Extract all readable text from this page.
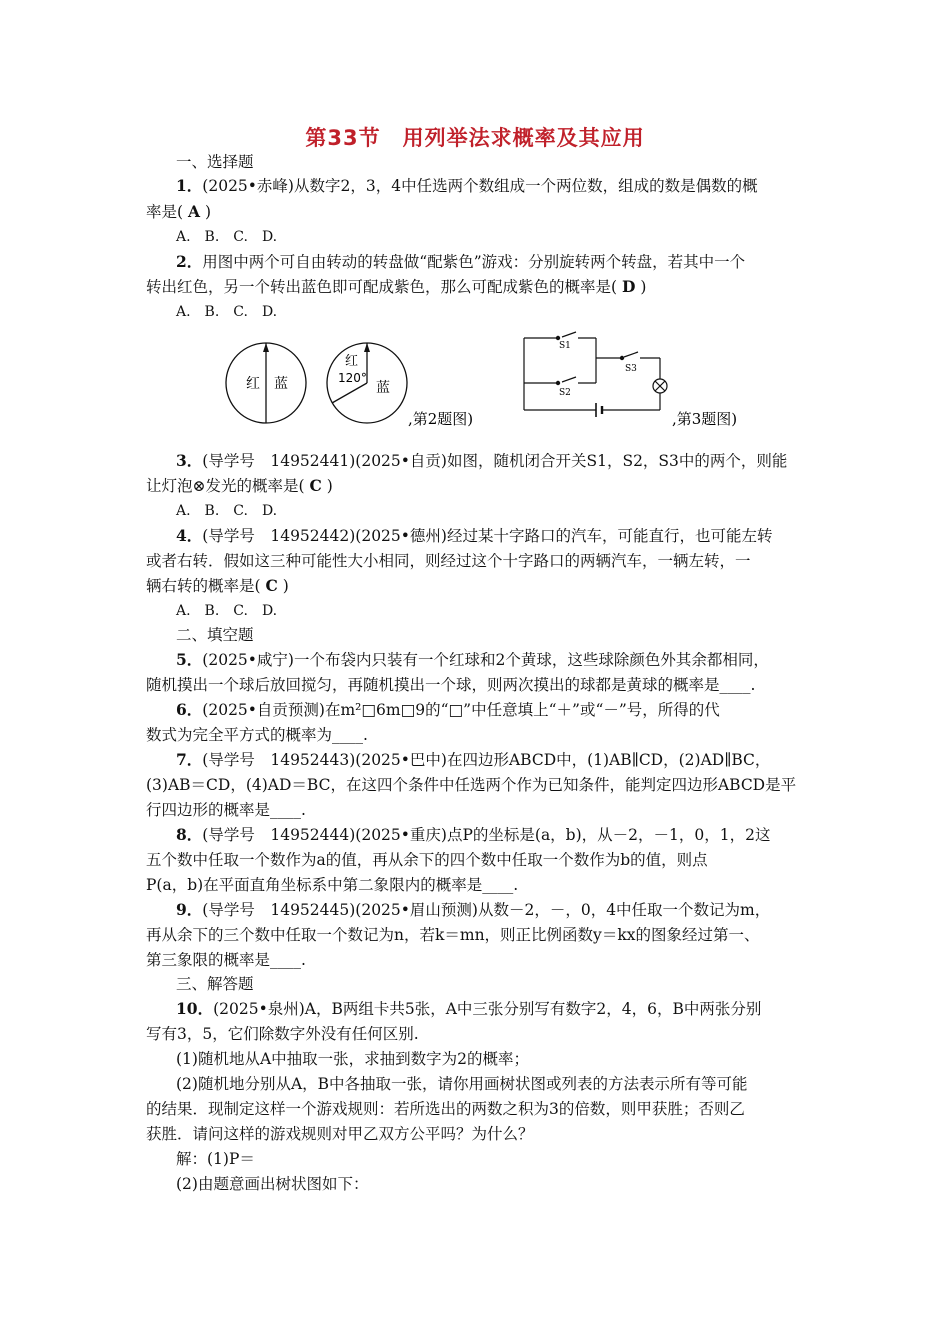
第33节　用列举法求概率及其应用
一、选择题
1．(2025•赤峰)从数字2，3，4中任选两个数组成一个两位数，组成的数是偶数的概
率是( A )
A.　B.　C.　D.
2．用图中两个可自由转动的转盘做“配紫色”游戏：分别旋转两个转盘，若其中一个
转出红色，另一个转出蓝色即可配成紫色，那么可配成紫色的概率是( D )
A.　B.　C.　D.
红 蓝
红
120°
蓝
,第2题图)
S1
S2
S3
,第3题图)
3．(导学号　14952441)(2025•自贡)如图，随机闭合开关S1，S2，S3中的两个，则能
让灯泡⊗发光的概率是( C )
A.　B.　C.　D.
4．(导学号　14952442)(2025•德州)经过某十字路口的汽车，可能直行，也可能左转
或者右转．假如这三种可能性大小相同，则经过这个十字路口的两辆汽车，一辆左转，一
辆右转的概率是( C )
A.　B.　C.　D.
二、填空题
5．(2025•咸宁)一个布袋内只装有一个红球和2个黄球，这些球除颜色外其余都相同，
随机摸出一个球后放回搅匀，再随机摸出一个球，则两次摸出的球都是黄球的概率是____.
6．(2025•自贡预测)在m²□6m□9的“□”中任意填上“＋”或“－”号，所得的代
数式为完全平方式的概率为____.
7．(导学号　14952443)(2025•巴中)在四边形ABCD中，(1)AB∥CD，(2)AD∥BC，
(3)AB＝CD，(4)AD＝BC，在这四个条件中任选两个作为已知条件，能判定四边形ABCD是平
行四边形的概率是____.
8．(导学号　14952444)(2025•重庆)点P的坐标是(a，b)，从－2，－1，0，1，2这
五个数中任取一个数作为a的值，再从余下的四个数中任取一个数作为b的值，则点
P(a，b)在平面直角坐标系中第二象限内的概率是____.
9．(导学号　14952445)(2025•眉山预测)从数－2，－，0，4中任取一个数记为m，
再从余下的三个数中任取一个数记为n，若k＝mn，则正比例函数y＝kx的图象经过第一、
第三象限的概率是____.
三、解答题
10．(2025•泉州)A，B两组卡共5张，A中三张分别写有数字2，4，6，B中两张分别
写有3，5，它们除数字外没有任何区别.
(1)随机地从A中抽取一张，求抽到数字为2的概率；
(2)随机地分别从A，B中各抽取一张，请你用画树状图或列表的方法表示所有等可能
的结果．现制定这样一个游戏规则：若所选出的两数之积为3的倍数，则甲获胜；否则乙
获胜．请问这样的游戏规则对甲乙双方公平吗？为什么？
解：(1)P＝
(2)由题意画出树状图如下：
